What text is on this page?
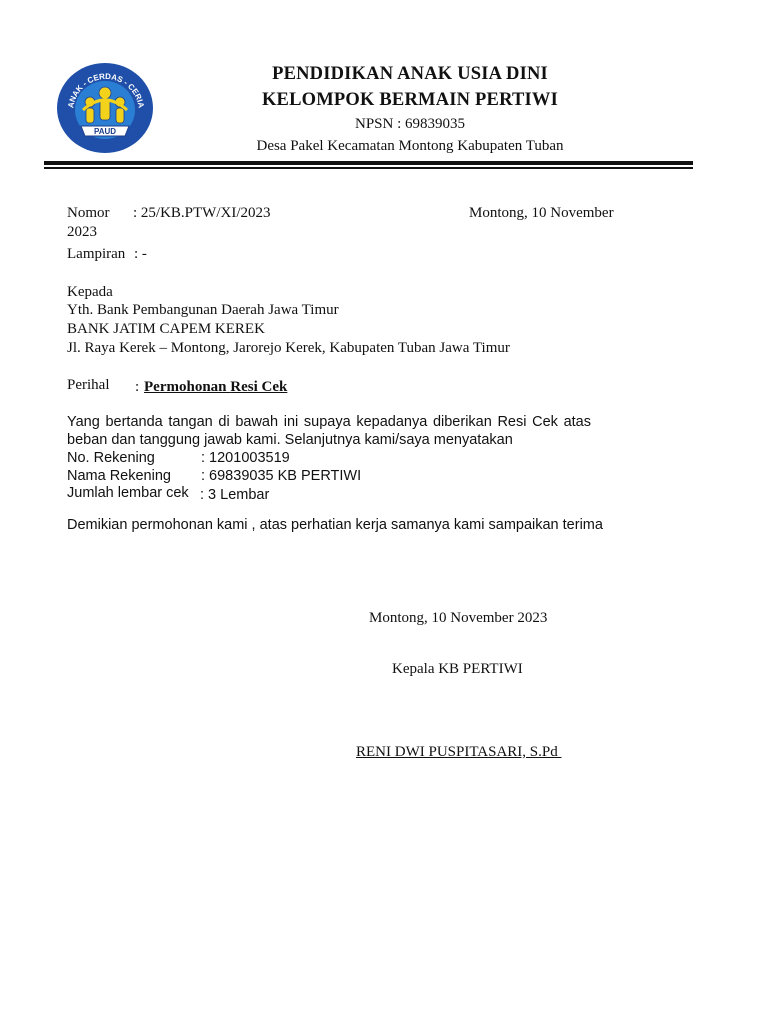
ANAK - CERDAS - CERIA
PAUD
PENDIDIKAN ANAK USIA DINI
KELOMPOK BERMAIN PERTIWI
NPSN : 69839035
Desa Pakel Kecamatan Montong Kabupaten Tuban
Nomor : 25/KB.PTW/XI/2023	Montong, 10 November
2023
Lampiran : -
Kepada
Yth. Bank Pembangunan Daerah Jawa Timur
BANK JATIM CAPEM KEREK
Jl. Raya Kerek – Montong, Jarorejo Kerek, Kabupaten Tuban Jawa Timur
Perihal : Permohonan Resi Cek
Yang bertanda tangan di bawah ini supaya kepadanya diberikan Resi Cek atas
beban dan tanggung jawab kami. Selanjutnya kami/saya menyatakan
No. Rekening	: 1201003519
Nama Rekening : 69839035 KB PERTIWI
Jumlah lembar cek : 3 Lembar
Demikian permohonan kami , atas perhatian kerja samanya kami sampaikan terima
Montong, 10 November 2023
Kepala KB PERTIWI
RENI DWI PUSPITASARI, S.Pd
